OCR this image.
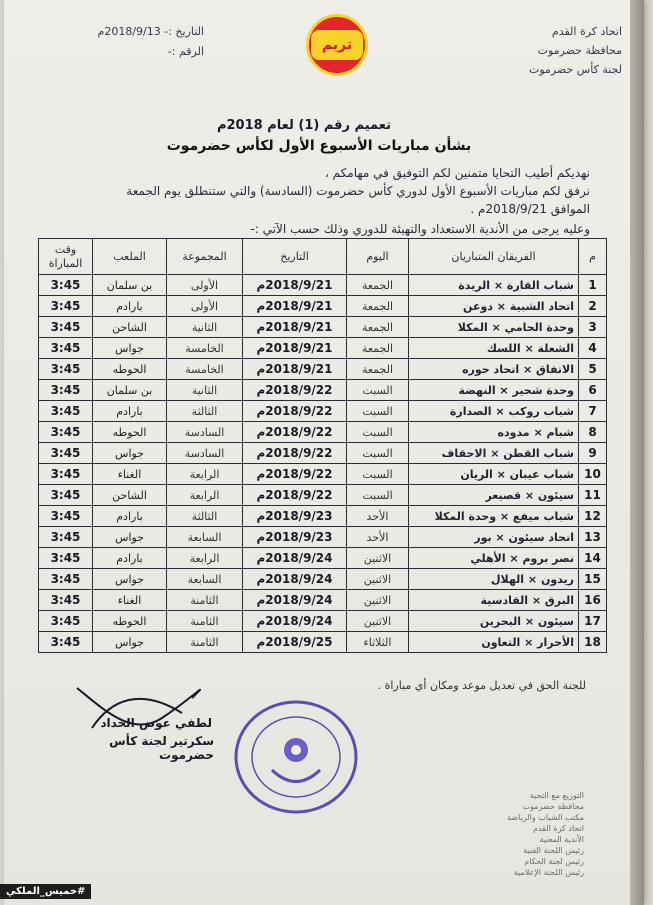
اتحاد كرة القدم
محافظة حضرموت
لجنة كأس حضرموت
التاريخ :- 2018/9/13م
الرقم :-	تريم
تعميم رقم (1) لعام 2018م
بشأن مباريات الأسبوع الأول لكأس حضرموت
نهديكم أطيب التحايا متمنين لكم التوفيق في مهامكم ،
نرفق لكم مباريات الأسبوع الأول لدوري كأس حضرموت (السادسة) والتي ستنطلق يوم الجمعة
الموافق 2018/9/21م .
وعليه يرجى من الأندية الاستعداد والتهيئة للدوري وذلك حسب الآتي :-
م	الفريقان المتباريان	اليوم	التاريخ	المجموعة	الملعب	وقت المباراة
1	شباب القارة × الريدة	الجمعة	2018/9/21م	الأولى	بن سلمان	3:45
2	اتحاد الشبية × دوعن	الجمعة	2018/9/21م	الأولى	بارادم	3:45
3	وحدة الحامي × المكلا	الجمعة	2018/9/21م	الثانية	الشاحن	3:45
4	الشعلة × اللسك	الجمعة	2018/9/21م	الخامسة	جواس	3:45
5	الاتفاق × اتحاد حوره	الجمعة	2018/9/21م	الخامسة	الحوطه	3:45
6	وحدة شحير × النهضة	السبت	2018/9/22م	الثانية	بن سلمان	3:45
7	شباب روكب × الصدارة	السبت	2018/9/22م	الثالثة	بارادم	3:45
8	شبام × مدوده	السبت	2018/9/22م	السادسة	الحوطه	3:45
9	شباب القطن × الاحقاف	السبت	2018/9/22م	السادسة	جواس	3:45
10	شباب عيبان × الريان	السبت	2018/9/22م	الرابعة	الغناء	3:45
11	سيئون × قصيعر	السبت	2018/9/22م	الرابعة	الشاحن	3:45
12	شباب ميفع × وحدة المكلا	الأحد	2018/9/23م	الثالثة	بارادم	3:45
13	اتحاد سيئون × بور	الأحد	2018/9/23م	السابعة	جواس	3:45
14	نصر بروم × الأهلي	الاثنين	2018/9/24م	الرابعة	بارادم	3:45
15	ريدون × الهلال	الاثنين	2018/9/24م	السابعة	جواس	3:45
16	البرق × القادسية	الاثنين	2018/9/24م	الثامنة	الغناء	3:45
17	سيئون × البحرين	الاثنين	2018/9/24م	الثامنة	الحوطه	3:45
18	الأحرار × التعاون	الثلاثاء	2018/9/25م	الثامنة	جواس	3:45
للجنة الحق في تعديل موعد ومكان أي مباراة .
لطفي عوض الحداد
سكرتير لجنة كأس حضرموت
التوزيع مع التحية
محافظة حضرموت
مكتب الشباب والرياضة
اتحاد كرة القدم
الأندية المعنية
رئيس اللجنة الفنية
رئيس لجنة الحكام
رئيس اللجنة الإعلامية
#خميس_الملكي
